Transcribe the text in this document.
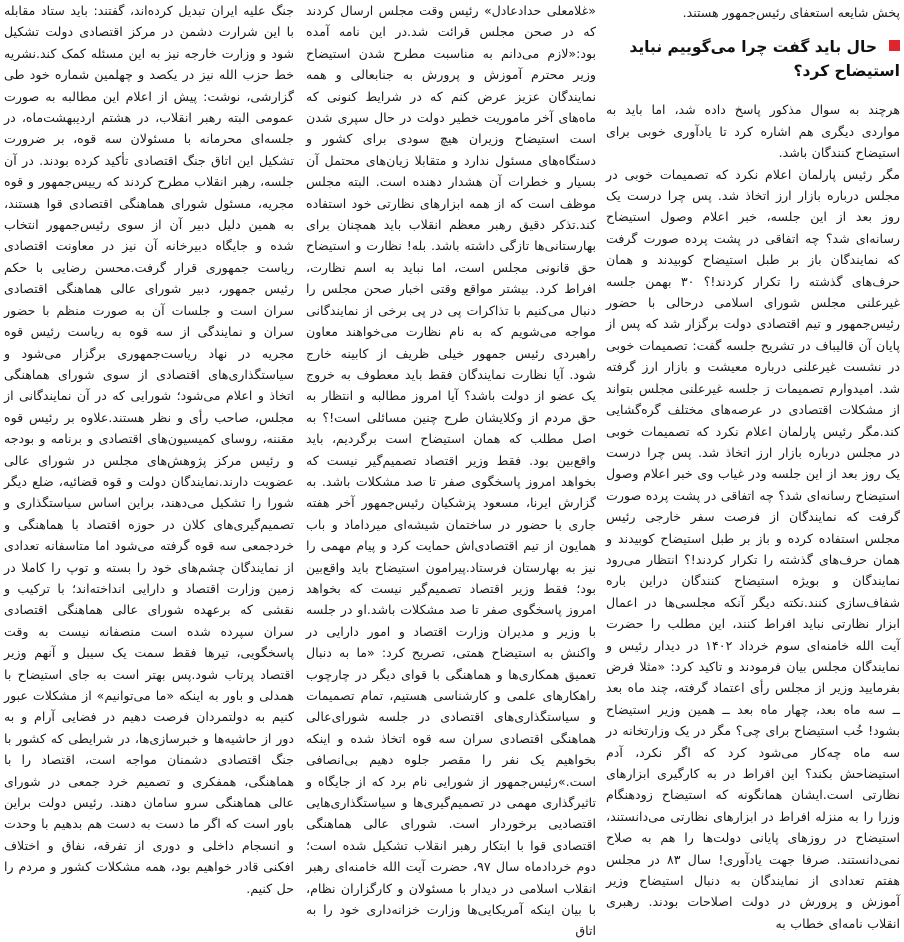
پخش شایعه استعفای رئیس‌جمهور هستند.

حال باید گفت چرا می‌گوییم نباید استیضاح کرد؟

هرچند به سوال مذکور پاسخ داده شد، اما باید به مواردی دیگری هم اشاره کرد تا یادآوری خوبی برای استیضاح کنندگان باشد.

مگر رئیس پارلمان اعلام نکرد که تصمیمات خوبی در مجلس درباره بازار ارز اتخاذ شد. پس چرا درست یک روز بعد از این جلسه، خبر اعلام وصول استیضاح رسانه‌ای شد؟ چه اتفاقی در پشت پرده صورت گرفت که نمایندگان باز بر طبل استیضاح کوبیدند و همان حرف‌های گذشته را تکرار کردند!؟ ۳۰ بهمن جلسه غیرعلنی مجلس شورای اسلامی درحالی با حضور رئیس‌جمهور و تیم اقتصادی دولت برگزار شد که پس از پایان آن قالیباف در تشریح جلسه گفت: تصمیمات خوبی در نشست غیرعلنی درباره معیشت و بازار ارز گرفته شد. امیدوارم تصمیمات ز جلسه غیرعلنی مجلس بتواند از مشکلات اقتصادی در عرصه‌های مختلف گره‌گشایی کند.مگر رئیس پارلمان اعلام نکرد که تصمیمات خوبی در مجلس درباره بازار ارز اتخاذ شد. پس چرا درست یک روز بعد از این جلسه ودر غیاب وی خبر اعلام وصول استیضاح رسانه‌ای شد؟ چه اتفاقی در پشت پرده صورت گرفت که نمایندگان از فرصت سفر خارجی رئیس مجلس استفاده کرده و باز بر طبل استیضاح کوبیدند و همان حرف‌های گذشته را تکرار کردند!؟ انتظار می‌رود نمایندگان و بویژه استیضاح کنندگان دراین باره شفاف‌سازی کنند.نکته دیگر آنکه مجلسی‌ها در اعمال ابزار نظارتی نباید افراط کنند، این مطلب را حضرت آیت الله خامنه‌ای سوم خرداد ۱۴۰۲ در دیدار رئیس و نمایندگان مجلس بیان فرمودند و تاکید کرد: «مثلا فرض بفرمایید وزیر از مجلس رأی اعتماد گرفته، چند ماه بعد ــ سه ماه بعد، چهار ماه بعد ــ همین وزیر استیضاح بشود! خُب استیضاح برای چی؟ مگر در یک وزارتخانه در سه ماه چه‌کار می‌شود کرد که اگر نکرد، آدم استیضاحش بکند؟ این افراط در به کارگیری ابزارهای نظارتی است.ایشان همانگونه که استیضاح زودهنگام وزرا را به منزله افراط در ابزارهای نظارتی می‌دانستند، استیضاح در روزهای پایانی دولت‌ها را هم به صلاح نمی‌دانستند. صرفا جهت یادآوری! سال ۸۳ در مجلس هفتم تعدادی از نمایندگان به دنبال استیضاح وزیر آموزش و پرورش در دولت اصلاحات بودند. رهبری انقلاب نامه‌ای خطاب به

«غلامعلی حدادعادل» رئیس وقت مجلس ارسال کردند که در صحن مجلس قرائت شد.در این نامه آمده بود:«لازم می‌دانم به مناسبت مطرح شدن استیضاح وزیر محترم آموزش و پرورش به جنابعالی و همه نمایندگان عزیز عرض کنم که در شرایط کنونی که ماه‌های آخر ماموریت خطیر دولت در حال سپری شدن است استیضاح وزیران هیچ سودی برای کشور و دستگاه‌های مسئول ندارد و متقابلا زیان‌های محتمل آن بسیار و خطرات آن هشدار دهنده است. البته مجلس موظف است که از همه ابزارهای نظارتی خود استفاده کند.تذکر دقیق رهبر معظم انقلاب باید همچنان برای بهارستانی‌ها تازگی داشته باشد. بله! نظارت و استیضاح حق قانونی مجلس است، اما نباید به اسم نظارت، افراط کرد. بیشتر مواقع وقتی اخبار صحن مجلس را دنبال می‌کنیم با تذاکرات پی در پی برخی از نمایندگانی مواجه می‌شویم که به نام نظارت می‌خواهند معاون راهبردی رئیس جمهور خیلی ظریف از کابینه خارج شود. آیا نظارت نمایندگان فقط باید معطوف به خروج یک عضو از دولت باشد؟ آیا امروز مطالبه و انتظار به حق مردم از وکلایشان طرح چنین مسائلی است!؟ به اصل مطلب که همان استیضاح است برگردیم، باید واقع‌بین بود. فقط وزیر اقتصاد تصمیم‌گیر نیست که بخواهد امروز پاسخگوی صفر تا صد مشکلات باشد. به گزارش ایرنا، مسعود پزشکیان رئیس‌جمهور آخر هفته جاری با حضور در ساختمان شیشه‌ای میرداماد و باب همایون از تیم اقتصادی‌اش حمایت کرد و پیام مهمی را نیز به بهارستان فرستاد.پیرامون استیضاح باید واقع‌بین بود؛ فقط وزیر اقتصاد تصمیم‌گیر نیست که بخواهد امروز پاسخگوی صفر تا صد مشکلات باشد.او در جلسه با وزیر و مدیران وزارت اقتصاد و امور دارایی در واکنش به استیضاح همتی، تصریح کرد: «ما به دنبال تعمیق همکاری‌ها و هماهنگی با قوای دیگر در چارچوب راهکارهای علمی و کارشناسی هستیم، تمام تصمیمات و سیاستگذاری‌های اقتصادی در جلسه شورای‌عالی هماهنگی اقتصادی سران سه قوه اتخاذ شده و اینکه بخواهیم یک نفر را مقصر جلوه دهیم بی‌انصافی است.»رئیس‌جمهور از شورایی نام برد که از جایگاه و تاثیرگذاری مهمی در تصمیم‌گیری‌ها و سیاستگذاری‌هایی اقتصادیی برخوردار است. شورای عالی هماهنگی اقتصادی قوا با ابتکار رهبر انقلاب تشکیل شده است؛ دوم خردادماه سال ۹۷، حضرت آیت الله خامنه‌ای رهبر انقلاب اسلامی در دیدار با مسئولان و کارگزاران نظام، با بیان اینکه آمریکایی‌ها وزارت خزانه‌داری خود را به اتاق

جنگ علیه ایران تبدیل کرده‌اند، گفتند: باید ستاد مقابله با این شرارت دشمن در مرکز اقتصادی دولت تشکیل شود و وزارت خارجه نیز به این مسئله کمک کند.نشریه خط حزب الله نیز در یکصد و چهلمین شماره خود طی گزارشی، نوشت: پیش از اعلام این مطالبه به صورت عمومی البته رهبر انقلاب، در هشتم اردیبهشت‌ماه، در جلسه‌ای محرمانه با مسئولان سه قوه، بر ضرورت تشکیل این اتاق جنگ اقتصادی تأکید کرده بودند. در آن جلسه، رهبر انقلاب مطرح کردند که رییس‌جمهور و قوه مجریه، مسئول شورای هماهنگی اقتصادی قوا هستند، به همین دلیل دبیر آن از سوی رئیس‌جمهور انتخاب شده و جایگاه دبیرخانه آن نیز در معاونت اقتصادی ریاست جمهوری قرار گرفت.محسن رضایی با حکم رئیس جمهور، دبیر شورای عالی هماهنگی اقتصادی سران است و جلسات آن به صورت منظم با حضور سران و نمایندگی از سه قوه به ریاست رئیس قوه مجریه در نهاد ریاست‌جمهوری برگزار می‌شود و سیاستگذاری‌های اقتصادی از سوی شورای هماهنگی اتخاذ و اعلام می‌شود؛ شورایی که در آن نمایندگانی از مجلس، صاحب رأی و نظر هستند.علاوه بر رئیس قوه مقننه، روسای کمیسیون‌های اقتصادی و برنامه و بودجه و رئیس مرکز پژوهش‌های مجلس در شورای عالی عضویت دارند.نمایندگان دولت و قوه قضائیه، ضلع دیگر شورا را تشکیل می‌دهند، براین اساس سیاستگذاری و تصمیم‌گیری‌های کلان در حوزه اقتصاد با هماهنگی و خردجمعی سه قوه گرفته می‌شود اما متاسفانه تعدادی از نمایندگان چشم‌های خود را بسته و توپ را کاملا در زمین وزارت اقتصاد و دارایی انداخته‌اند؛ با ترکیب و نقشی که برعهده شورای عالی هماهنگی اقتصادی سران سپرده شده است منصفانه نیست به وقت پاسخگویی، تیرها فقط سمت یک سیبل و آنهم وزیر اقتصاد پرتاب شود.پس بهتر است به جای استیضاح با همدلی و باور به اینکه «ما می‌توانیم» از مشکلات عبور کنیم به دولتمردان فرصت دهیم در فضایی آرام و به دور از حاشیه‌ها و خبرسازی‌ها، در شرایطی که کشور با جنگ اقتصادی دشمنان مواجه است، اقتصاد را با هماهنگی، همفکری و تصمیم خرد جمعی در شورای عالی هماهنگی سرو سامان دهند. رئیس دولت براین باور است که اگر ما دست به دست هم بدهیم با وحدت و انسجام داخلی و دوری از تفرقه، نفاق و اختلاف افکنی قادر خواهیم بود، همه مشکلات کشور و مردم را حل کنیم.
